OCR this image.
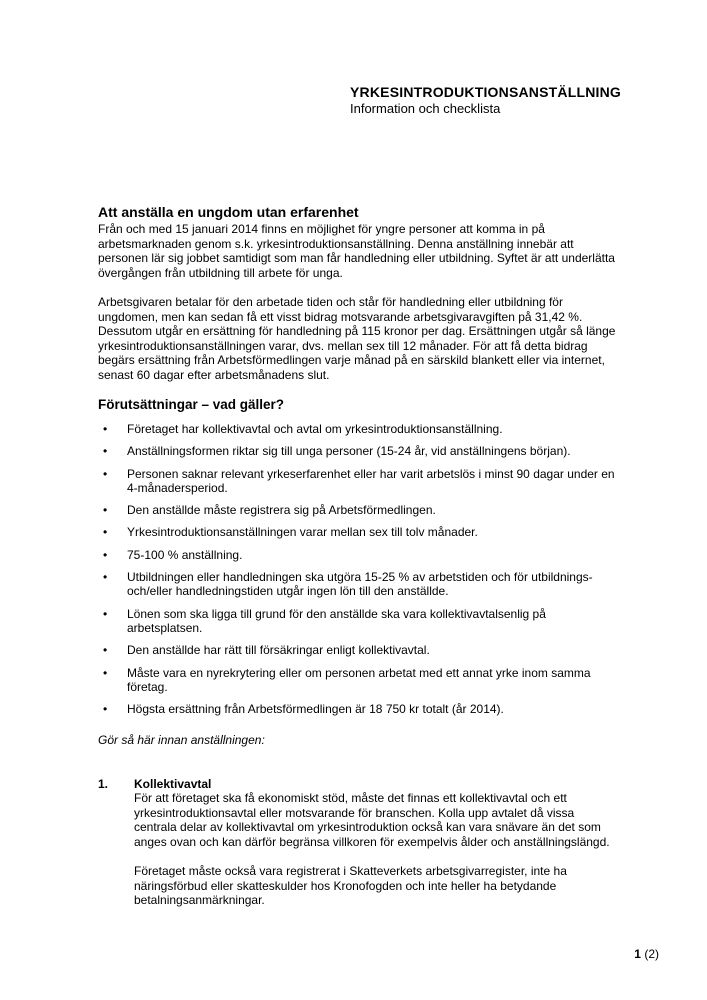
YRKESINTRODUKTIONSANSTÄLLNING
Information och checklista
Att anställa en ungdom utan erfarenhet

Från och med 15 januari 2014 finns en möjlighet för yngre personer att komma in på arbetsmarknaden genom s.k. yrkesintroduktionsanställning. Denna anställning innebär att personen lär sig jobbet samtidigt som man får handledning eller utbildning. Syftet är att underlätta övergången från utbildning till arbete för unga.

Arbetsgivaren betalar för den arbetade tiden och står för handledning eller utbildning för ungdomen, men kan sedan få ett visst bidrag motsvarande arbetsgivaravgiften på 31,42 %. Dessutom utgår en ersättning för handledning på 115 kronor per dag. Ersättningen utgår så länge yrkesintroduktionsanställningen varar, dvs. mellan sex till 12 månader. För att få detta bidrag begärs ersättning från Arbetsförmedlingen varje månad på en särskild blankett eller via internet, senast 60 dagar efter arbetsmånadens slut.

Förutsättningar – vad gäller?
• Företaget har kollektivavtal och avtal om yrkesintroduktionsanställning.
• Anställningsformen riktar sig till unga personer (15-24 år, vid anställningens början).
• Personen saknar relevant yrkeserfarenhet eller har varit arbetslös i minst 90 dagar under en 4-månadersperiod.
• Den anställde måste registrera sig på Arbetsförmedlingen.
• Yrkesintroduktionsanställningen varar mellan sex till tolv månader.
• 75-100 % anställning.
• Utbildningen eller handledningen ska utgöra 15-25 % av arbetstiden och för utbildnings- och/eller handledningstiden utgår ingen lön till den anställde.
• Lönen som ska ligga till grund för den anställde ska vara kollektivavtalsenlig på arbetsplatsen.
• Den anställde har rätt till försäkringar enligt kollektivavtal.
• Måste vara en nyrekrytering eller om personen arbetat med ett annat yrke inom samma företag.
• Högsta ersättning från Arbetsförmedlingen är 18 750 kr totalt (år 2014).

Gör så här innan anställningen:

1.	Kollektivavtal

För att företaget ska få ekonomiskt stöd, måste det finnas ett kollektivavtal och ett yrkesintroduktionsavtal eller motsvarande för branschen. Kolla upp avtalet då vissa centrala delar av kollektivavtal om yrkesintroduktion också kan vara snävare än det som anges ovan och kan därför begränsa villkoren för exempelvis ålder och anställningslängd.

Företaget måste också vara registrerat i Skatteverkets arbetsgivarregister, inte ha näringsförbud eller skatteskulder hos Kronofogden och inte heller ha betydande betalningsanmärkningar.

1 (2)
